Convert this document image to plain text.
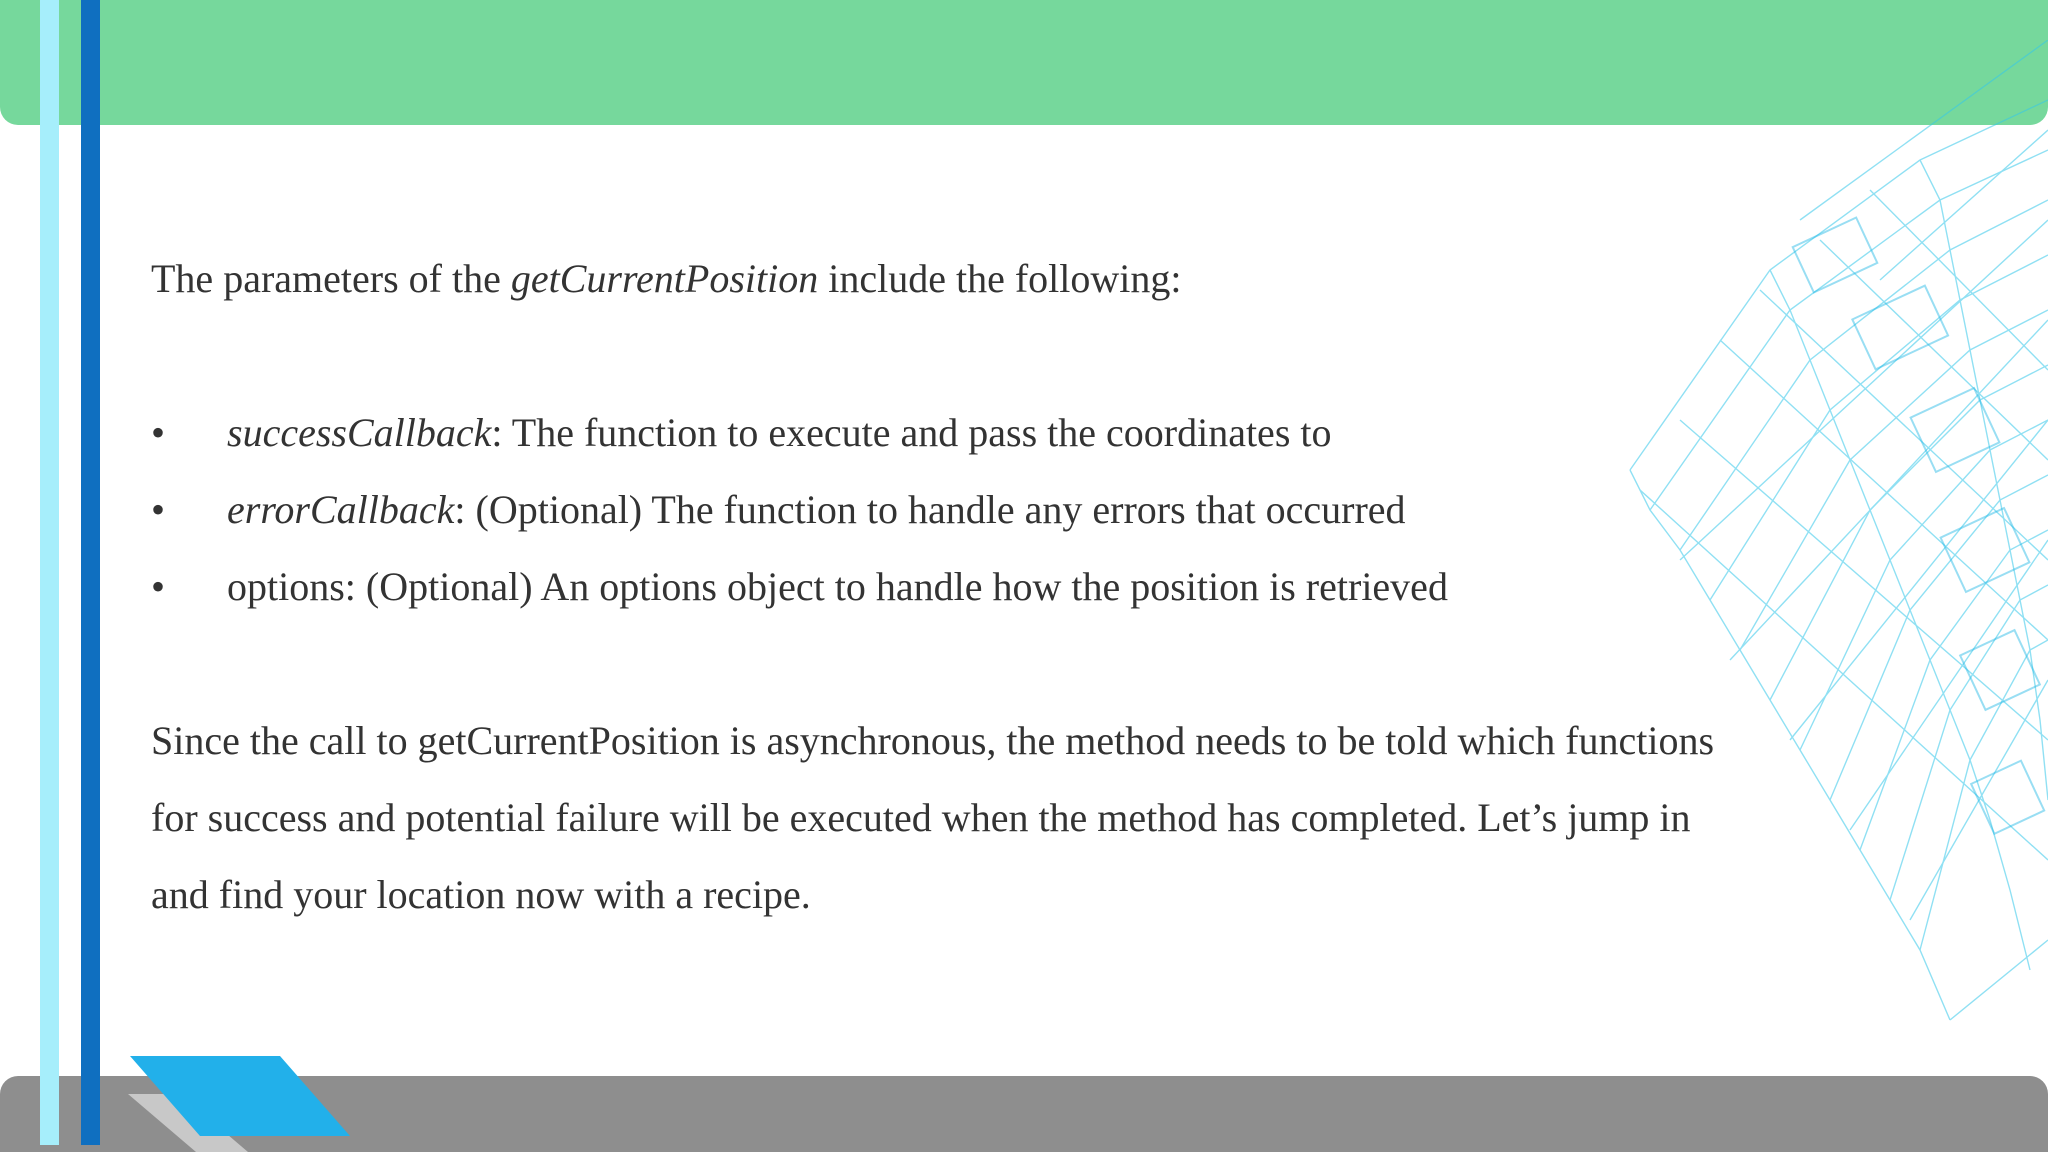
The parameters of the getCurrentPosition include the following:

• successCallback: The function to execute and pass the coordinates to
• errorCallback: (Optional) The function to handle any errors that occurred
• options: (Optional) An options object to handle how the position is retrieved

Since the call to getCurrentPosition is asynchronous, the method needs to be told which functions

for success and potential failure will be executed when the method has completed. Let’s jump in

and find your location now with a recipe.
